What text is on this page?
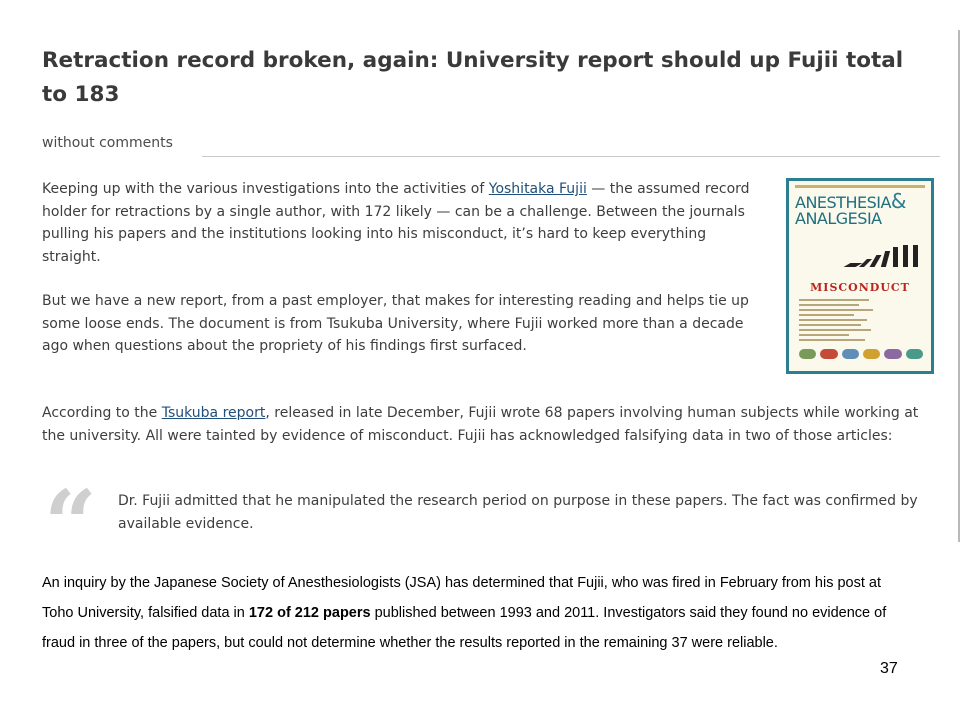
Retraction record broken, again: University report should up Fujii total to 183
without comments

Keeping up with the various investigations into the activities of Yoshitaka Fujii — the assumed record holder for retractions by a single author, with 172 likely — can be a challenge. Between the journals pulling his papers and the institutions looking into his misconduct, it’s hard to keep everything straight.

But we have a new report, from a past employer, that makes for interesting reading and helps tie up some loose ends. The document is from Tsukuba University, where Fujii worked more than a decade ago when questions about the propriety of his findings first surfaced.

According to the Tsukuba report, released in late December, Fujii wrote 68 papers involving human subjects while working at the university. All were tainted by evidence of misconduct. Fujii has acknowledged falsifying data in two of those articles:

“ Dr. Fujii admitted that he manipulated the research period on purpose in these papers. The fact was confirmed by available evidence.

ANESTHESIA&
ANALGESIA
MISCONDUCT

An inquiry by the Japanese Society of Anesthesiologists (JSA) has determined that Fujii, who was fired in February from his post at Toho University, falsified data in 172 of 212 papers published between 1993 and 2011. Investigators said they found no evidence of fraud in three of the papers, but could not determine whether the results reported in the remaining 37 were reliable.

37
